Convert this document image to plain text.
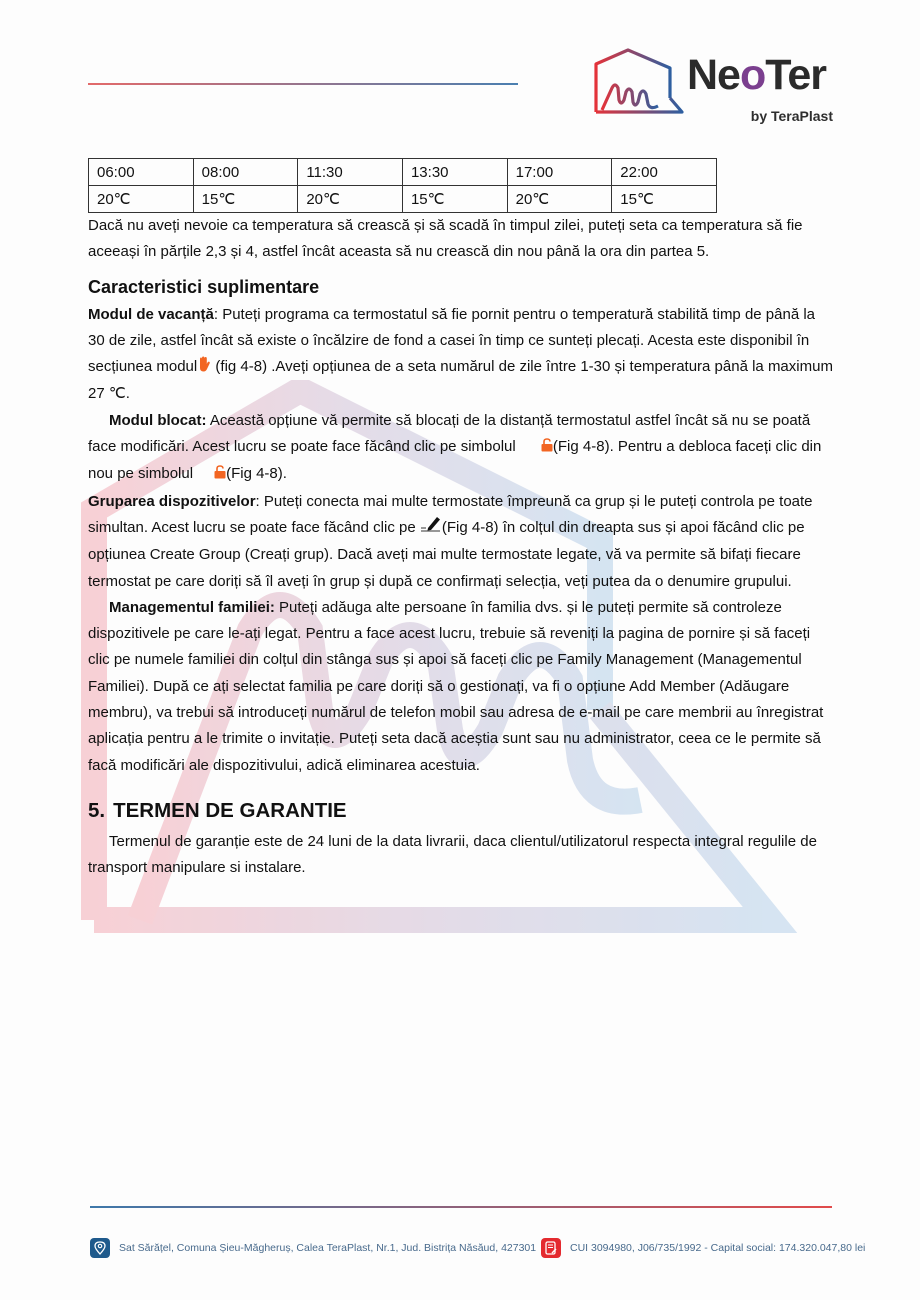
NeoTer
by TeraPlast
06:00	08:00	11:30	13:30	17:00	22:00
20℃	15℃	20℃	15℃	20℃	15℃

Dacă nu aveți nevoie ca temperatura să crească și să scadă în timpul zilei, puteți seta ca temperatura să fie aceeași în părțile 2,3 și 4, astfel încât aceasta să nu crească din nou până la ora din partea 5.

Caracteristici suplimentare

Modul de vacanță: Puteți programa ca termostatul să fie pornit pentru o temperatură stabilită timp de până la 30 de zile, astfel încât să existe o încălzire de fond a casei în timp ce sunteți plecați. Acesta este disponibil în secțiunea modul (fig 4-8) .Aveți opțiunea de a seta numărul de zile între 1-30 și temperatura până la maximum 27 ℃.

Modul blocat: Această opțiune vă permite să blocați de la distanță termostatul astfel încât să nu se poată face modificări. Acest lucru se poate face făcând clic pe simbolul (Fig 4-8). Pentru a debloca faceți clic din nou pe simbolul (Fig 4-8).

Gruparea dispozitivelor: Puteți conecta mai multe termostate împreună ca grup și le puteți controla pe toate simultan. Acest lucru se poate face făcând clic pe (Fig 4-8) în colțul din dreapta sus și apoi făcând clic pe opțiunea Create Group (Creați grup). Dacă aveți mai multe termostate legate, vă va permite să bifați fiecare termostat pe care doriți să îl aveți în grup și după ce confirmați selecția, veți putea da o denumire grupului.

Managementul familiei: Puteți adăuga alte persoane în familia dvs. și le puteți permite să controleze dispozitivele pe care le-ați legat. Pentru a face acest lucru, trebuie să reveniți la pagina de pornire și să faceți clic pe numele familiei din colțul din stânga sus și apoi să faceți clic pe Family Management (Managementul Familiei). După ce ați selectat familia pe care doriți să o gestionați, va fi o opțiune Add Member (Adăugare membru), va trebui să introduceți numărul de telefon mobil sau adresa de e-mail pe care membrii au înregistrat aplicația pentru a le trimite o invitație. Puteți seta dacă aceștia sunt sau nu administrator, ceea ce le permite să facă modificări ale dispozitivului, adică eliminarea acestuia.

5. TERMEN DE GARANTIE

Termenul de garanție este de 24 luni de la data livrarii, daca clientul/utilizatorul respecta integral regulile de transport manipulare si instalare.

Sat Sărățel, Comuna Șieu-Măgheruș, Calea TeraPlast, Nr.1, Jud. Bistrița Năsăud, 427301	CUI 3094980, J06/735/1992 - Capital social: 174.320.047,80 lei
